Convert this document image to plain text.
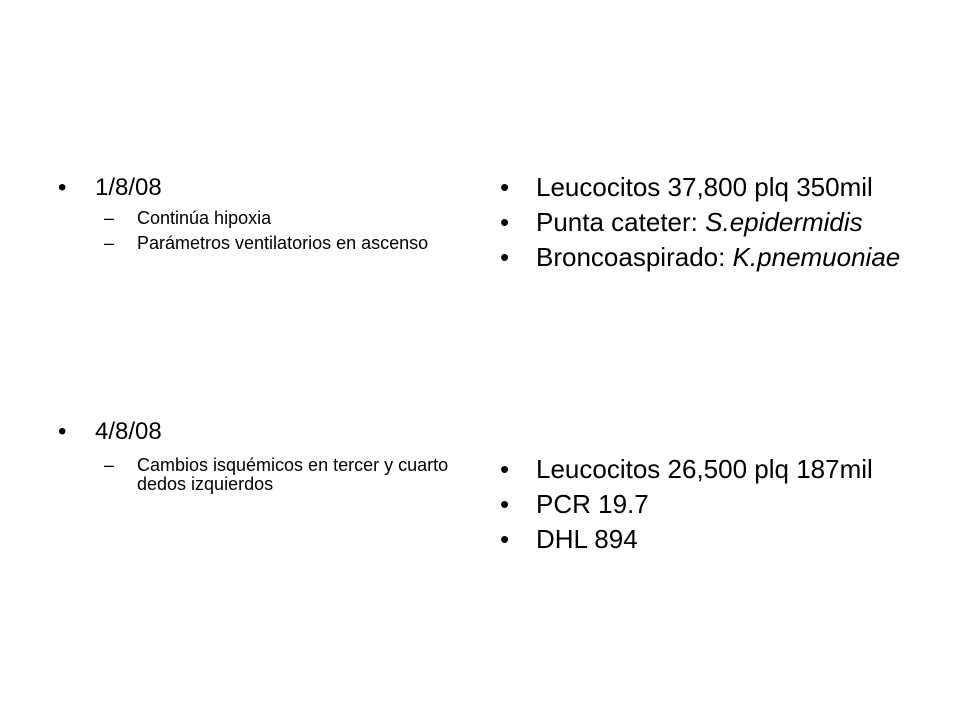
• 1/8/08
– Continúa hipoxia
– Parámetros ventilatorios en ascenso
• 4/8/08
– Cambios isquémicos en tercer y cuarto dedos izquierdos
• Leucocitos 37,800 plq 350mil
• Punta cateter: S.epidermidis
• Broncoaspirado: K.pnemuoniae
• Leucocitos 26,500 plq 187mil
• PCR 19.7
• DHL 894
